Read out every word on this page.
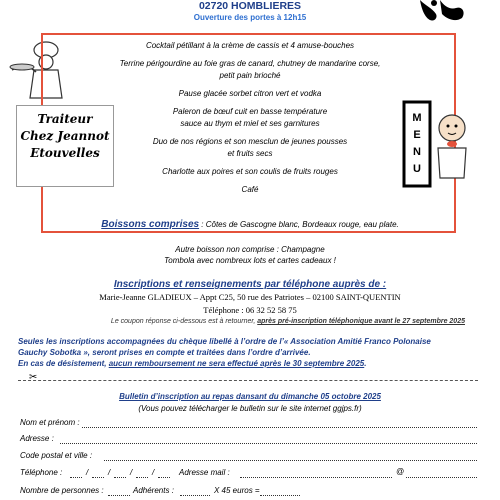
02720 HOMBLIERES
Ouverture des portes à 12h15
Cocktail pétillant à la crème de cassis et 4 amuse-bouches
Terrine périgourdine au foie gras de canard, chutney de mandarine corse,
petit pain brioché
Pause glacée sorbet citron vert et vodka
Paleron de bœuf cuit en basse température
sauce au thym et miel et ses garnitures
Duo de nos régions et son mesclun de jeunes pousses
et fruits secs
Charlotte aux poires et son coulis de fruits rouges
Café
Traiteur
Chez Jeannot
Etouvelles
M
E
N
U
Boissons comprises : Côtes de Gascogne blanc, Bordeaux rouge, eau plate.
Autre boisson non comprise : Champagne
Tombola avec nombreux lots et cartes cadeaux !
Inscriptions et renseignements par téléphone auprès de :
Marie-Jeanne GLADIEUX – Appt C25, 50 rue des Patriotes – 02100 SAINT-QUENTIN
Téléphone : 06 32 52 58 75
Le coupon réponse ci-dessous est à retourner, après pré-inscription téléphonique avant le 27 septembre 2025
Seules les inscriptions accompagnées du chèque libellé à l’ordre de l’« Association Amitié Franco Polonaise
Gauchy Sobotka », seront prises en compte et traitées dans l’ordre d’arrivée.
En cas de désistement, aucun remboursement ne sera effectué après le 30 septembre 2025.
✂
Bulletin d’inscription au repas dansant du dimanche 05 octobre 2025
(Vous pouvez télécharger le bulletin sur le site internet ggjps.fr)
Nom et prénom :
Adresse :
Code postal et ville :
Téléphone :	/ / / /	Adresse mail :	@
Nombre de personnes :	Adhérents :	X 45 euros =
